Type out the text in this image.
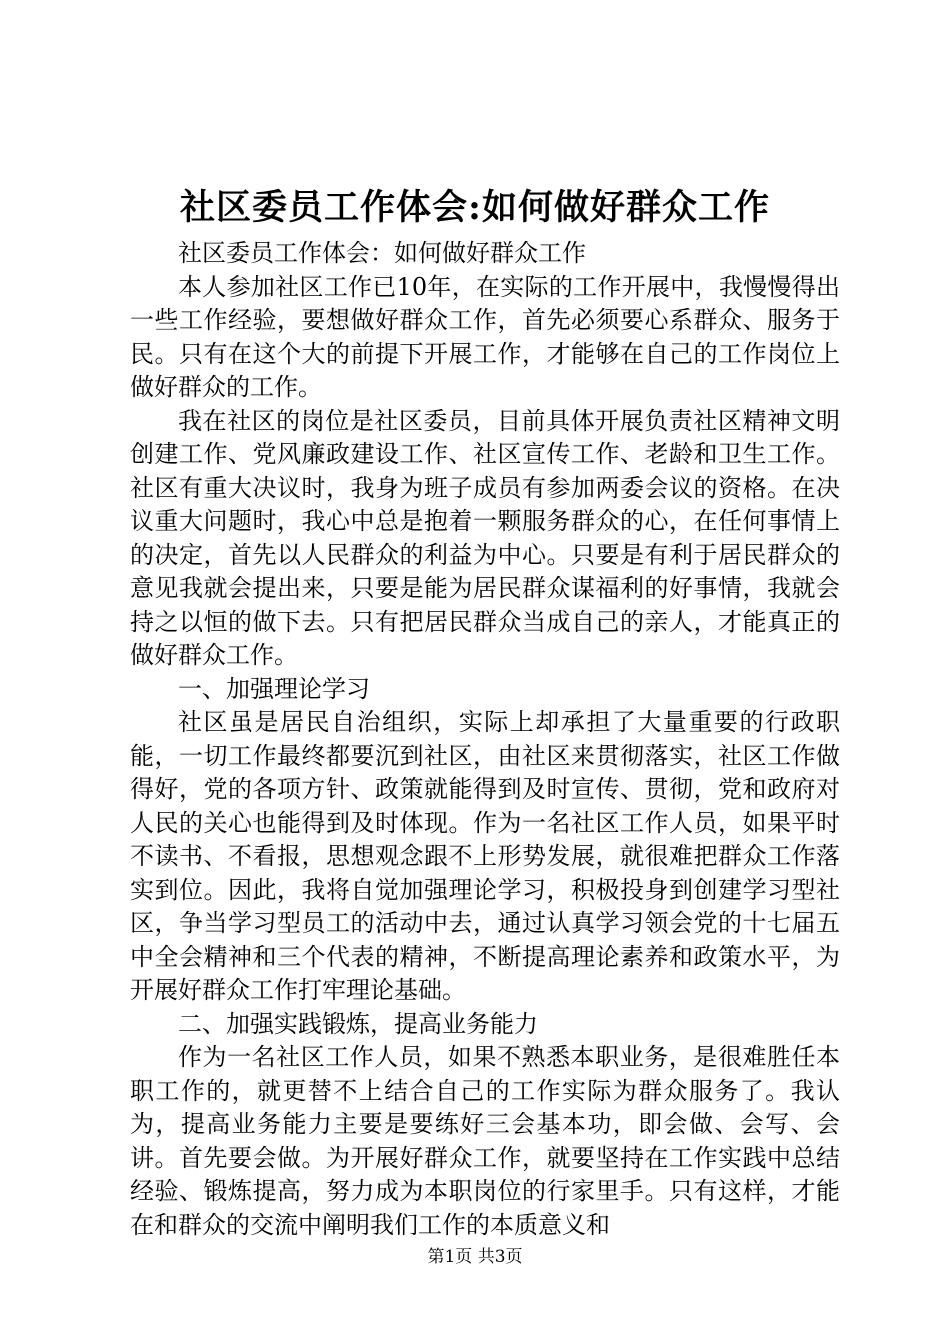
社区委员工作体会:如何做好群众工作

社区委员工作体会：如何做好群众工作

本人参加社区工作已10年，在实际的工作开展中，我慢慢得出一些工作经验，要想做好群众工作，首先必须要心系群众、服务于民。只有在这个大的前提下开展工作，才能够在自己的工作岗位上做好群众的工作。

我在社区的岗位是社区委员，目前具体开展负责社区精神文明创建工作、党风廉政建设工作、社区宣传工作、老龄和卫生工作。社区有重大决议时，我身为班子成员有参加两委会议的资格。在决议重大问题时，我心中总是抱着一颗服务群众的心，在任何事情上的决定，首先以人民群众的利益为中心。只要是有利于居民群众的意见我就会提出来，只要是能为居民群众谋福利的好事情，我就会持之以恒的做下去。只有把居民群众当成自己的亲人，才能真正的做好群众工作。

一、加强理论学习

社区虽是居民自治组织，实际上却承担了大量重要的行政职能，一切工作最终都要沉到社区，由社区来贯彻落实，社区工作做得好，党的各项方针、政策就能得到及时宣传、贯彻，党和政府对人民的关心也能得到及时体现。作为一名社区工作人员，如果平时不读书、不看报，思想观念跟不上形势发展，就很难把群众工作落实到位。因此，我将自觉加强理论学习，积极投身到创建学习型社区，争当学习型员工的活动中去，通过认真学习领会党的十七届五中全会精神和三个代表的精神，不断提高理论素养和政策水平，为开展好群众工作打牢理论基础。

二、加强实践锻炼，提高业务能力

作为一名社区工作人员，如果不熟悉本职业务，是很难胜任本职工作的，就更替不上结合自己的工作实际为群众服务了。我认为，提高业务能力主要是要练好三会基本功，即会做、会写、会讲。首先要会做。为开展好群众工作，就要坚持在工作实践中总结经验、锻炼提高，努力成为本职岗位的行家里手。只有这样，才能在和群众的交流中阐明我们工作的本质意义和

第1页 共3页
